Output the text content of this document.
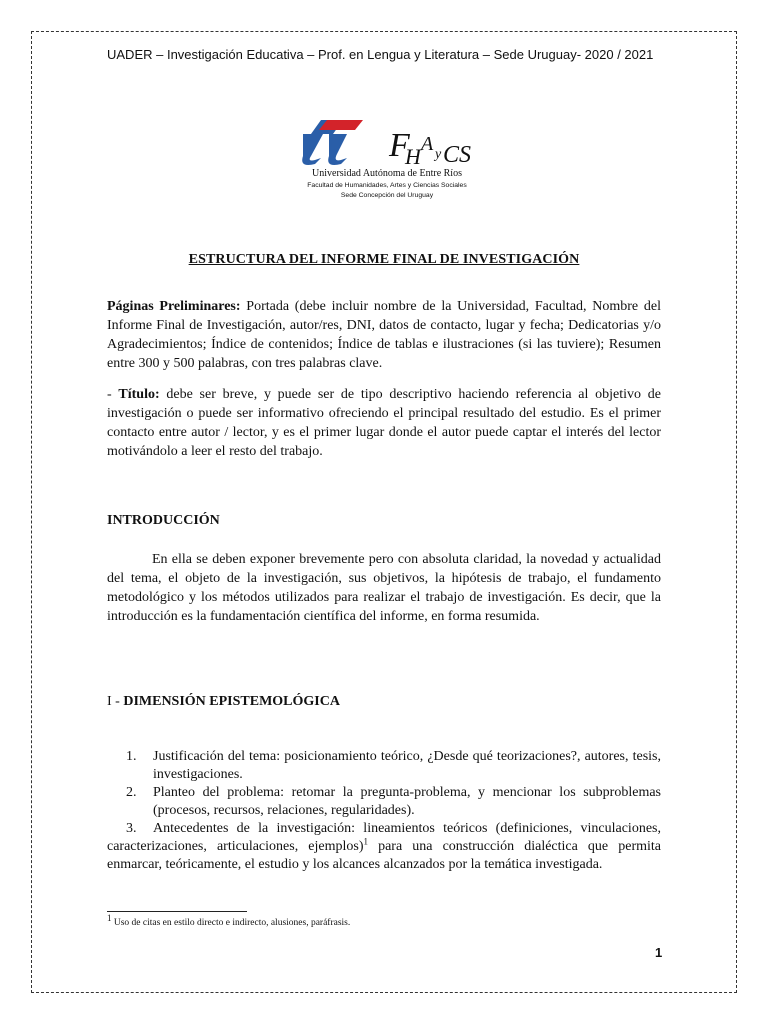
UADER – Investigación Educativa – Prof. en Lengua y Literatura – Sede Uruguay- 2020 / 2021
F
H A y CS
Universidad Autónoma de Entre Ríos
Facultad de Humanidades, Artes y Ciencias Sociales
Sede Concepción del Uruguay
ESTRUCTURA DEL INFORME FINAL DE INVESTIGACIÓN

Páginas Preliminares: Portada (debe incluir nombre de la Universidad, Facultad, Nombre del Informe Final de Investigación, autor/res, DNI, datos de contacto, lugar y fecha; Dedicatorias y/o Agradecimientos; Índice de contenidos; Índice de tablas e ilustraciones (si las tuviere); Resumen entre 300 y 500 palabras, con tres palabras clave.

- Título: debe ser breve, y puede ser de tipo descriptivo haciendo referencia al objetivo de investigación o puede ser informativo ofreciendo el principal resultado del estudio. Es el primer contacto entre autor / lector, y es el primer lugar donde el autor puede captar el interés del lector motivándolo a leer el resto del trabajo.

INTRODUCCIÓN

En ella se deben exponer brevemente pero con absoluta claridad, la novedad y actualidad del tema, el objeto de la investigación, sus objetivos, la hipótesis de trabajo, el fundamento metodológico y los métodos utilizados para realizar el trabajo de investigación. Es decir, que la introducción es la fundamentación científica del informe, en forma resumida.

I - DIMENSIÓN EPISTEMOLÓGICA
1. Justificación del tema: posicionamiento teórico, ¿Desde qué teorizaciones?, autores, tesis, investigaciones.
2. Planteo del problema: retomar la pregunta-problema, y mencionar los subproblemas (procesos, recursos, relaciones, regularidades).
3. Antecedentes de la investigación: lineamientos teóricos (definiciones, vinculaciones, caracterizaciones, articulaciones, ejemplos)$^1$ para una construcción dialéctica que permita enmarcar, teóricamente, el estudio y los alcances alcanzados por la temática investigada.
$^1$ Uso de citas en estilo directo e indirecto, alusiones, paráfrasis.
1
